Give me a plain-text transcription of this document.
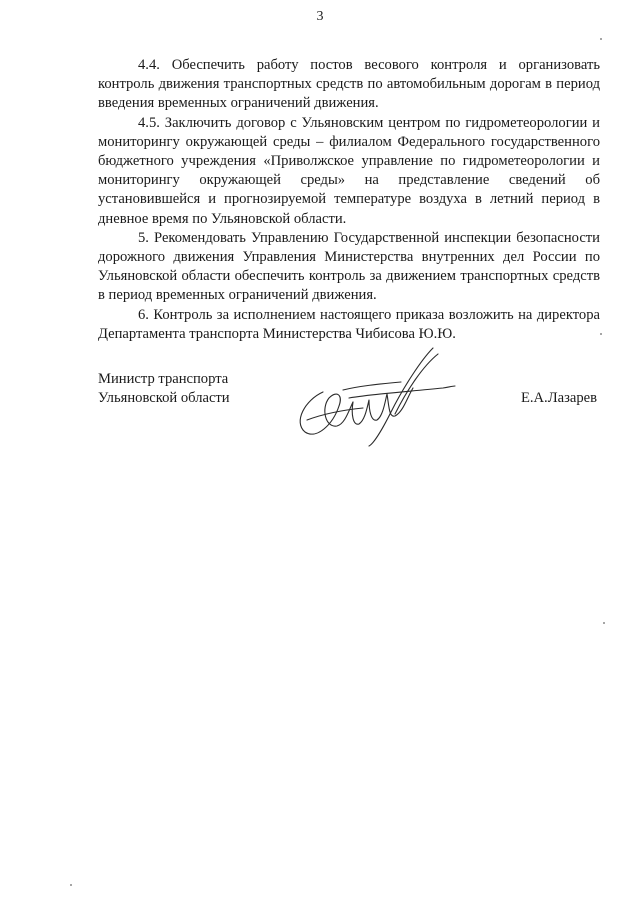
3

4.4. Обеспечить работу постов весового контроля и организовать контроль движения транспортных средств по автомобильным дорогам в период введения временных ограничений движения.

4.5. Заключить договор с Ульяновским центром по гидрометеорологии и мониторингу окружающей среды – филиалом Федерального государственного бюджетного учреждения «Приволжское управление по гидрометеорологии и мониторингу окружающей среды» на представление сведений об установившейся и прогнозируемой температуре воздуха в летний период в дневное время по Ульяновской области.

5. Рекомендовать Управлению Государственной инспекции безопасности дорожного движения Управления Министерства внутренних дел России по Ульяновской области обеспечить контроль за движением транспортных средств в период временных ограничений движения.

6. Контроль за исполнением настоящего приказа возложить на директора Департамента транспорта Министерства Чибисова Ю.Ю.

Министр транспорта
Ульяновской области	Е.А.Лазарев
